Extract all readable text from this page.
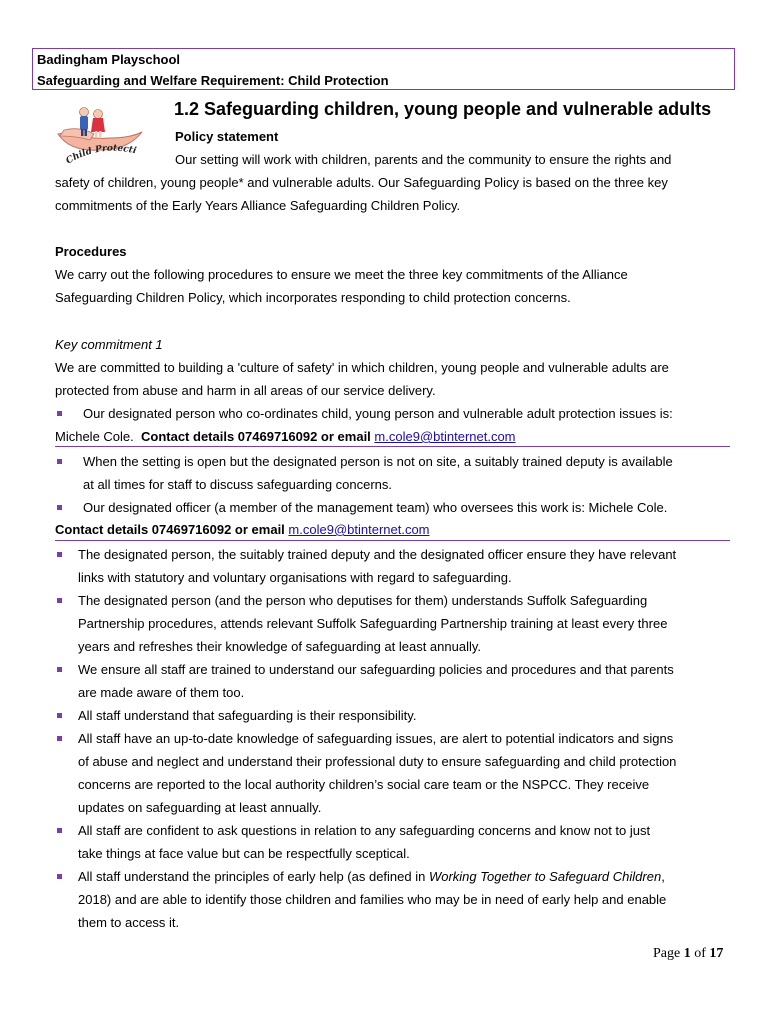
Badingham Playschool
Safeguarding and Welfare Requirement: Child Protection
Child Protecti
1.2 Safeguarding children, young people and vulnerable adults
Policy statement
Our setting will work with children, parents and the community to ensure the rights and
safety of children, young people* and vulnerable adults. Our Safeguarding Policy is based on the three key
commitments of the Early Years Alliance Safeguarding Children Policy.
Procedures
We carry out the following procedures to ensure we meet the three key commitments of the Alliance
Safeguarding Children Policy, which incorporates responding to child protection concerns.
Key commitment 1
We are committed to building a 'culture of safety' in which children, young people and vulnerable adults are
protected from abuse and harm in all areas of our service delivery.
Our designated person who co-ordinates child, young person and vulnerable adult protection issues is:
Michele Cole. Contact details 07469716092 or email m.cole9@btinternet.com
When the setting is open but the designated person is not on site, a suitably trained deputy is available
at all times for staff to discuss safeguarding concerns.
Our designated officer (a member of the management team) who oversees this work is: Michele Cole.
Contact details 07469716092 or email m.cole9@btinternet.com
The designated person, the suitably trained deputy and the designated officer ensure they have relevant
links with statutory and voluntary organisations with regard to safeguarding.
The designated person (and the person who deputises for them) understands Suffolk Safeguarding
Partnership procedures, attends relevant Suffolk Safeguarding Partnership training at least every three
years and refreshes their knowledge of safeguarding at least annually.
We ensure all staff are trained to understand our safeguarding policies and procedures and that parents
are made aware of them too.
All staff understand that safeguarding is their responsibility.
All staff have an up-to-date knowledge of safeguarding issues, are alert to potential indicators and signs
of abuse and neglect and understand their professional duty to ensure safeguarding and child protection
concerns are reported to the local authority children’s social care team or the NSPCC. They receive
updates on safeguarding at least annually.
All staff are confident to ask questions in relation to any safeguarding concerns and know not to just
take things at face value but can be respectfully sceptical.
All staff understand the principles of early help (as defined in Working Together to Safeguard Children,
2018) and are able to identify those children and families who may be in need of early help and enable
them to access it.
Page 1 of 17
